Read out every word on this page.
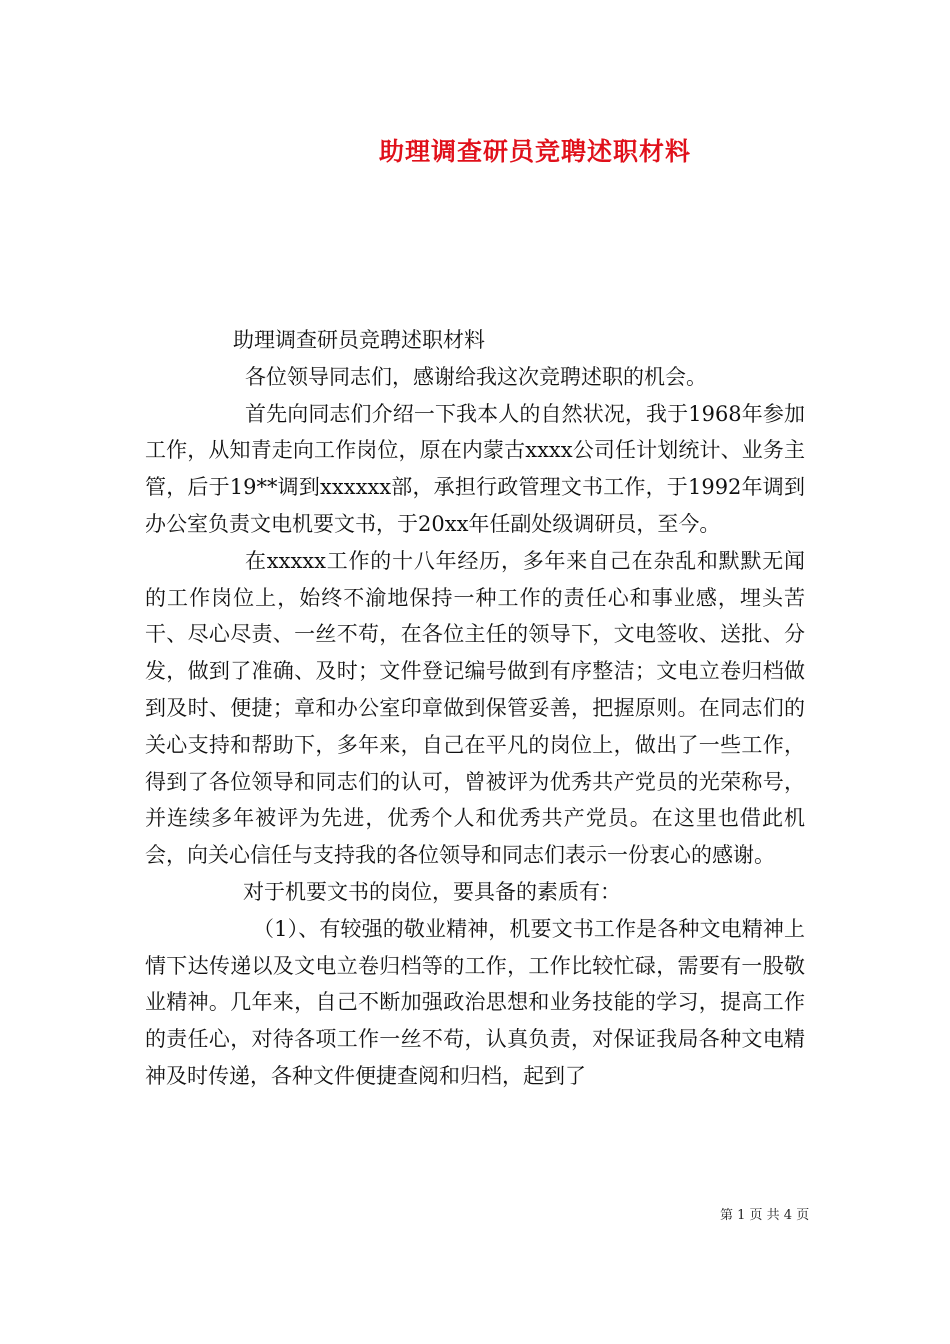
助理调查研员竞聘述职材料

助理调查研员竞聘述职材料

各位领导同志们，感谢给我这次竞聘述职的机会。

首先向同志们介绍一下我本人的自然状况，我于1968年参加工作，从知青走向工作岗位，原在内蒙古xxxx公司任计划统计、业务主管，后于19**调到xxxxxx部，承担行政管理文书工作，于1992年调到办公室负责文电机要文书，于20xx年任副处级调研员，至今。

在xxxxx工作的十八年经历，多年来自己在杂乱和默默无闻的工作岗位上，始终不渝地保持一种工作的责任心和事业感，埋头苦干、尽心尽责、一丝不苟，在各位主任的领导下，文电签收、送批、分发，做到了准确、及时；文件登记编号做到有序整洁；文电立卷归档做到及时、便捷；章和办公室印章做到保管妥善，把握原则。在同志们的关心支持和帮助下，多年来，自己在平凡的岗位上，做出了一些工作，得到了各位领导和同志们的认可，曾被评为优秀共产党员的光荣称号，并连续多年被评为先进，优秀个人和优秀共产党员。在这里也借此机会，向关心信任与支持我的各位领导和同志们表示一份衷心的感谢。

对于机要文书的岗位，要具备的素质有：

（1）、有较强的敬业精神，机要文书工作是各种文电精神上情下达传递以及文电立卷归档等的工作，工作比较忙碌，需要有一股敬业精神。几年来，自己不断加强政治思想和业务技能的学习，提高工作的责任心，对待各项工作一丝不苟，认真负责，对保证我局各种文电精神及时传递，各种文件便捷查阅和归档，起到了

第 1 页 共 4 页
